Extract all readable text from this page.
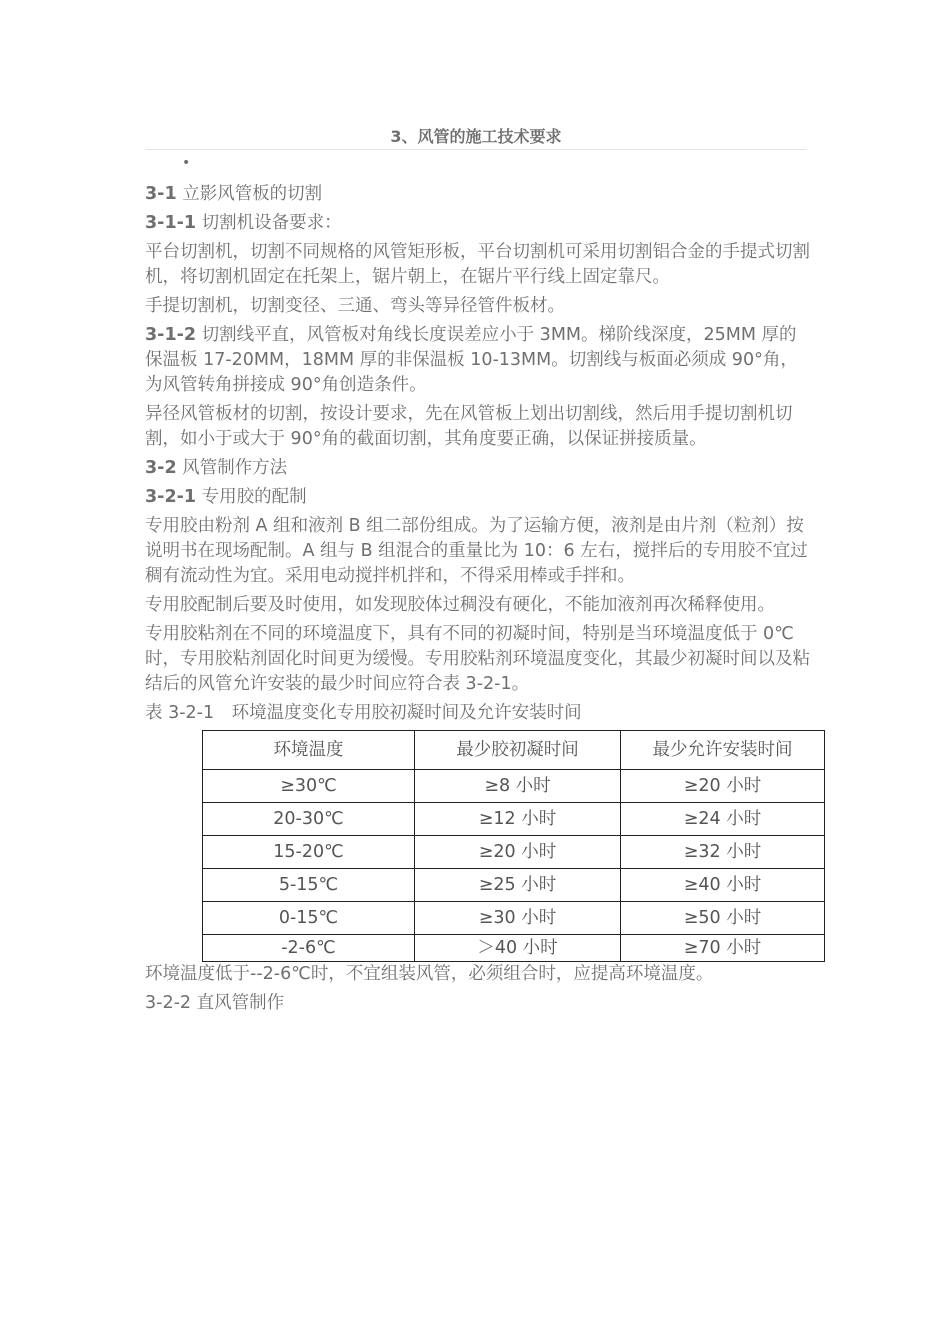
3、风管的施工技术要求
•

3-1 立影风管板的切割

3-1-1 切割机设备要求：

平台切割机，切割不同规格的风管矩形板，平台切割机可采用切割铝合金的手提式切割机，将切割机固定在托架上，锯片朝上，在锯片平行线上固定靠尺。

手提切割机，切割变径、三通、弯头等异径管件板材。

3-1-2 切割线平直，风管板对角线长度误差应小于 3MM。梯阶线深度，25MM 厚的保温板 17-20MM，18MM 厚的非保温板 10-13MM。切割线与板面必须成 90°角，为风管转角拼接成 90°角创造条件。

异径风管板材的切割，按设计要求，先在风管板上划出切割线，然后用手提切割机切割，如小于或大于 90°角的截面切割，其角度要正确，以保证拼接质量。

3-2 风管制作方法

3-2-1 专用胶的配制

专用胶由粉剂 A 组和液剂 B 组二部份组成。为了运输方便，液剂是由片剂（粒剂）按说明书在现场配制。A 组与 B 组混合的重量比为 10：6 左右，搅拌后的专用胶不宜过稠有流动性为宜。采用电动搅拌机拌和，不得采用棒或手拌和。

专用胶配制后要及时使用，如发现胶体过稠没有硬化，不能加液剂再次稀释使用。

专用胶粘剂在不同的环境温度下，具有不同的初凝时间，特别是当环境温度低于 0℃时，专用胶粘剂固化时间更为缓慢。专用胶粘剂环境温度变化，其最少初凝时间以及粘结后的风管允许安装的最少时间应符合表 3-2-1。

表 3-2-1　环境温度变化专用胶初凝时间及允许安装时间

环境温度	最少胶初凝时间	最少允许安装时间
≥30℃	≥8 小时	≥20 小时
20-30℃	≥12 小时	≥24 小时
15-20℃	≥20 小时	≥32 小时
5-15℃	≥25 小时	≥40 小时
0-15℃	≥30 小时	≥50 小时
-2-6℃	＞40 小时	≥70 小时

环境温度低于--2-6℃时，不宜组装风管，必须组合时，应提高环境温度。

3-2-2 直风管制作
